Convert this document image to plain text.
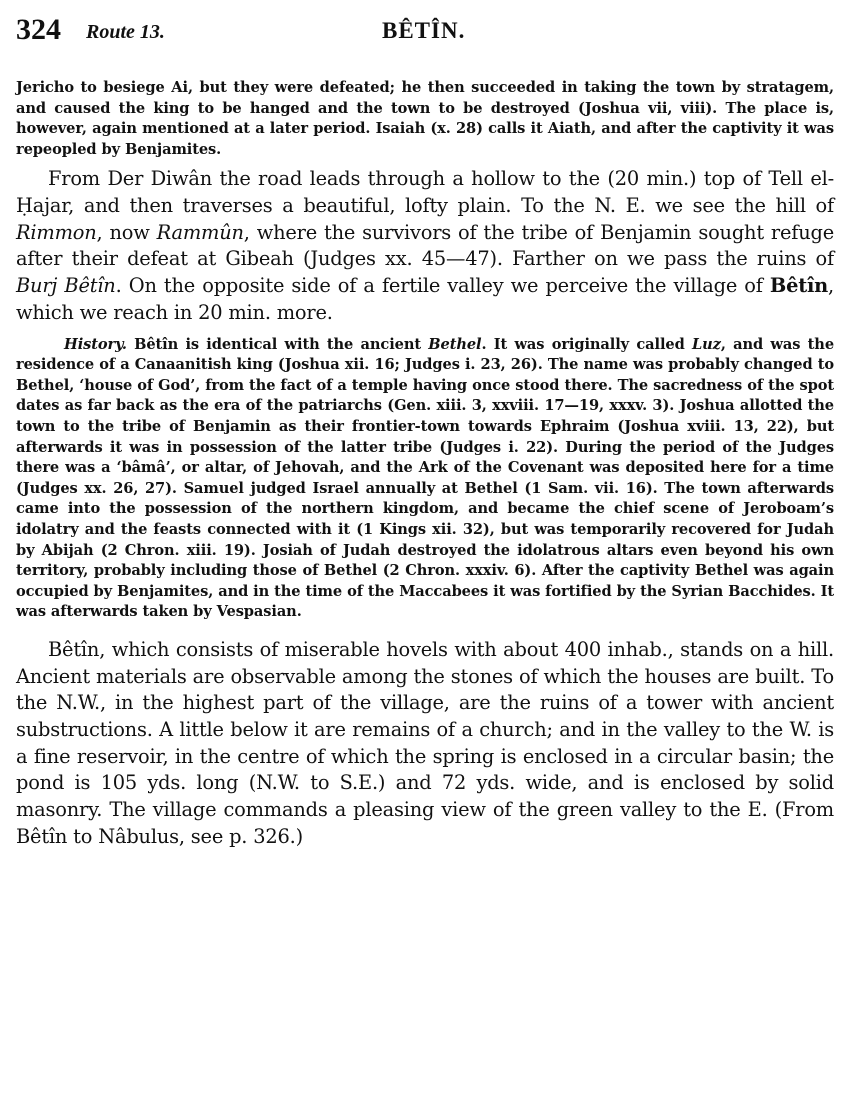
324 Route 13.	BÊTÎN.

Jericho to besiege Ai, but they were defeated; he then succeeded in taking the town by stratagem, and caused the king to be hanged and the town to be destroyed (Joshua vii, viii). The place is, however, again mentioned at a later period. Isaiah (x. 28) calls it Aiath, and after the captivity it was repeopled by Benjamites.

From Der Diwân the road leads through a hollow to the (20 min.) top of Tell el-Ḥajar, and then traverses a beautiful, lofty plain. To the N. E. we see the hill of Rimmon, now Rammûn, where the survivors of the tribe of Benjamin sought refuge after their defeat at Gibeah (Judges xx. 45—47). Farther on we pass the ruins of Burj Bêtîn. On the opposite side of a fertile valley we perceive the village of Bêtîn, which we reach in 20 min. more.

History. Bêtîn is identical with the ancient Bethel. It was originally called Luz, and was the residence of a Canaanitish king (Joshua xii. 16; Judges i. 23, 26). The name was probably changed to Bethel, ‘house of God’, from the fact of a temple having once stood there. The sacredness of the spot dates as far back as the era of the patriarchs (Gen. xiii. 3, xxviii. 17—19, xxxv. 3). Joshua allotted the town to the tribe of Benjamin as their frontier-town towards Ephraim (Joshua xviii. 13, 22), but afterwards it was in possession of the latter tribe (Judges i. 22). During the period of the Judges there was a ‘bâmâ’, or altar, of Jehovah, and the Ark of the Covenant was deposited here for a time (Judges xx. 26, 27). Samuel judged Israel annually at Bethel (1 Sam. vii. 16). The town afterwards came into the possession of the northern kingdom, and became the chief scene of Jeroboam’s idolatry and the feasts connected with it (1 Kings xii. 32), but was temporarily recovered for Judah by Abijah (2 Chron. xiii. 19). Josiah of Judah destroyed the idolatrous altars even beyond his own territory, probably including those of Bethel (2 Chron. xxxiv. 6). After the captivity Bethel was again occupied by Benjamites, and in the time of the Maccabees it was fortified by the Syrian Bacchides. It was afterwards taken by Vespasian.

Bêtîn, which consists of miserable hovels with about 400 inhab., stands on a hill. Ancient materials are observable among the stones of which the houses are built. To the N.W., in the highest part of the village, are the ruins of a tower with ancient substructions. A little below it are remains of a church; and in the valley to the W. is a fine reservoir, in the centre of which the spring is enclosed in a circular basin; the pond is 105 yds. long (N.W. to S.E.) and 72 yds. wide, and is enclosed by solid masonry. The village commands a pleasing view of the green valley to the E. (From Bêtîn to Nâbulus, see p. 326.)
